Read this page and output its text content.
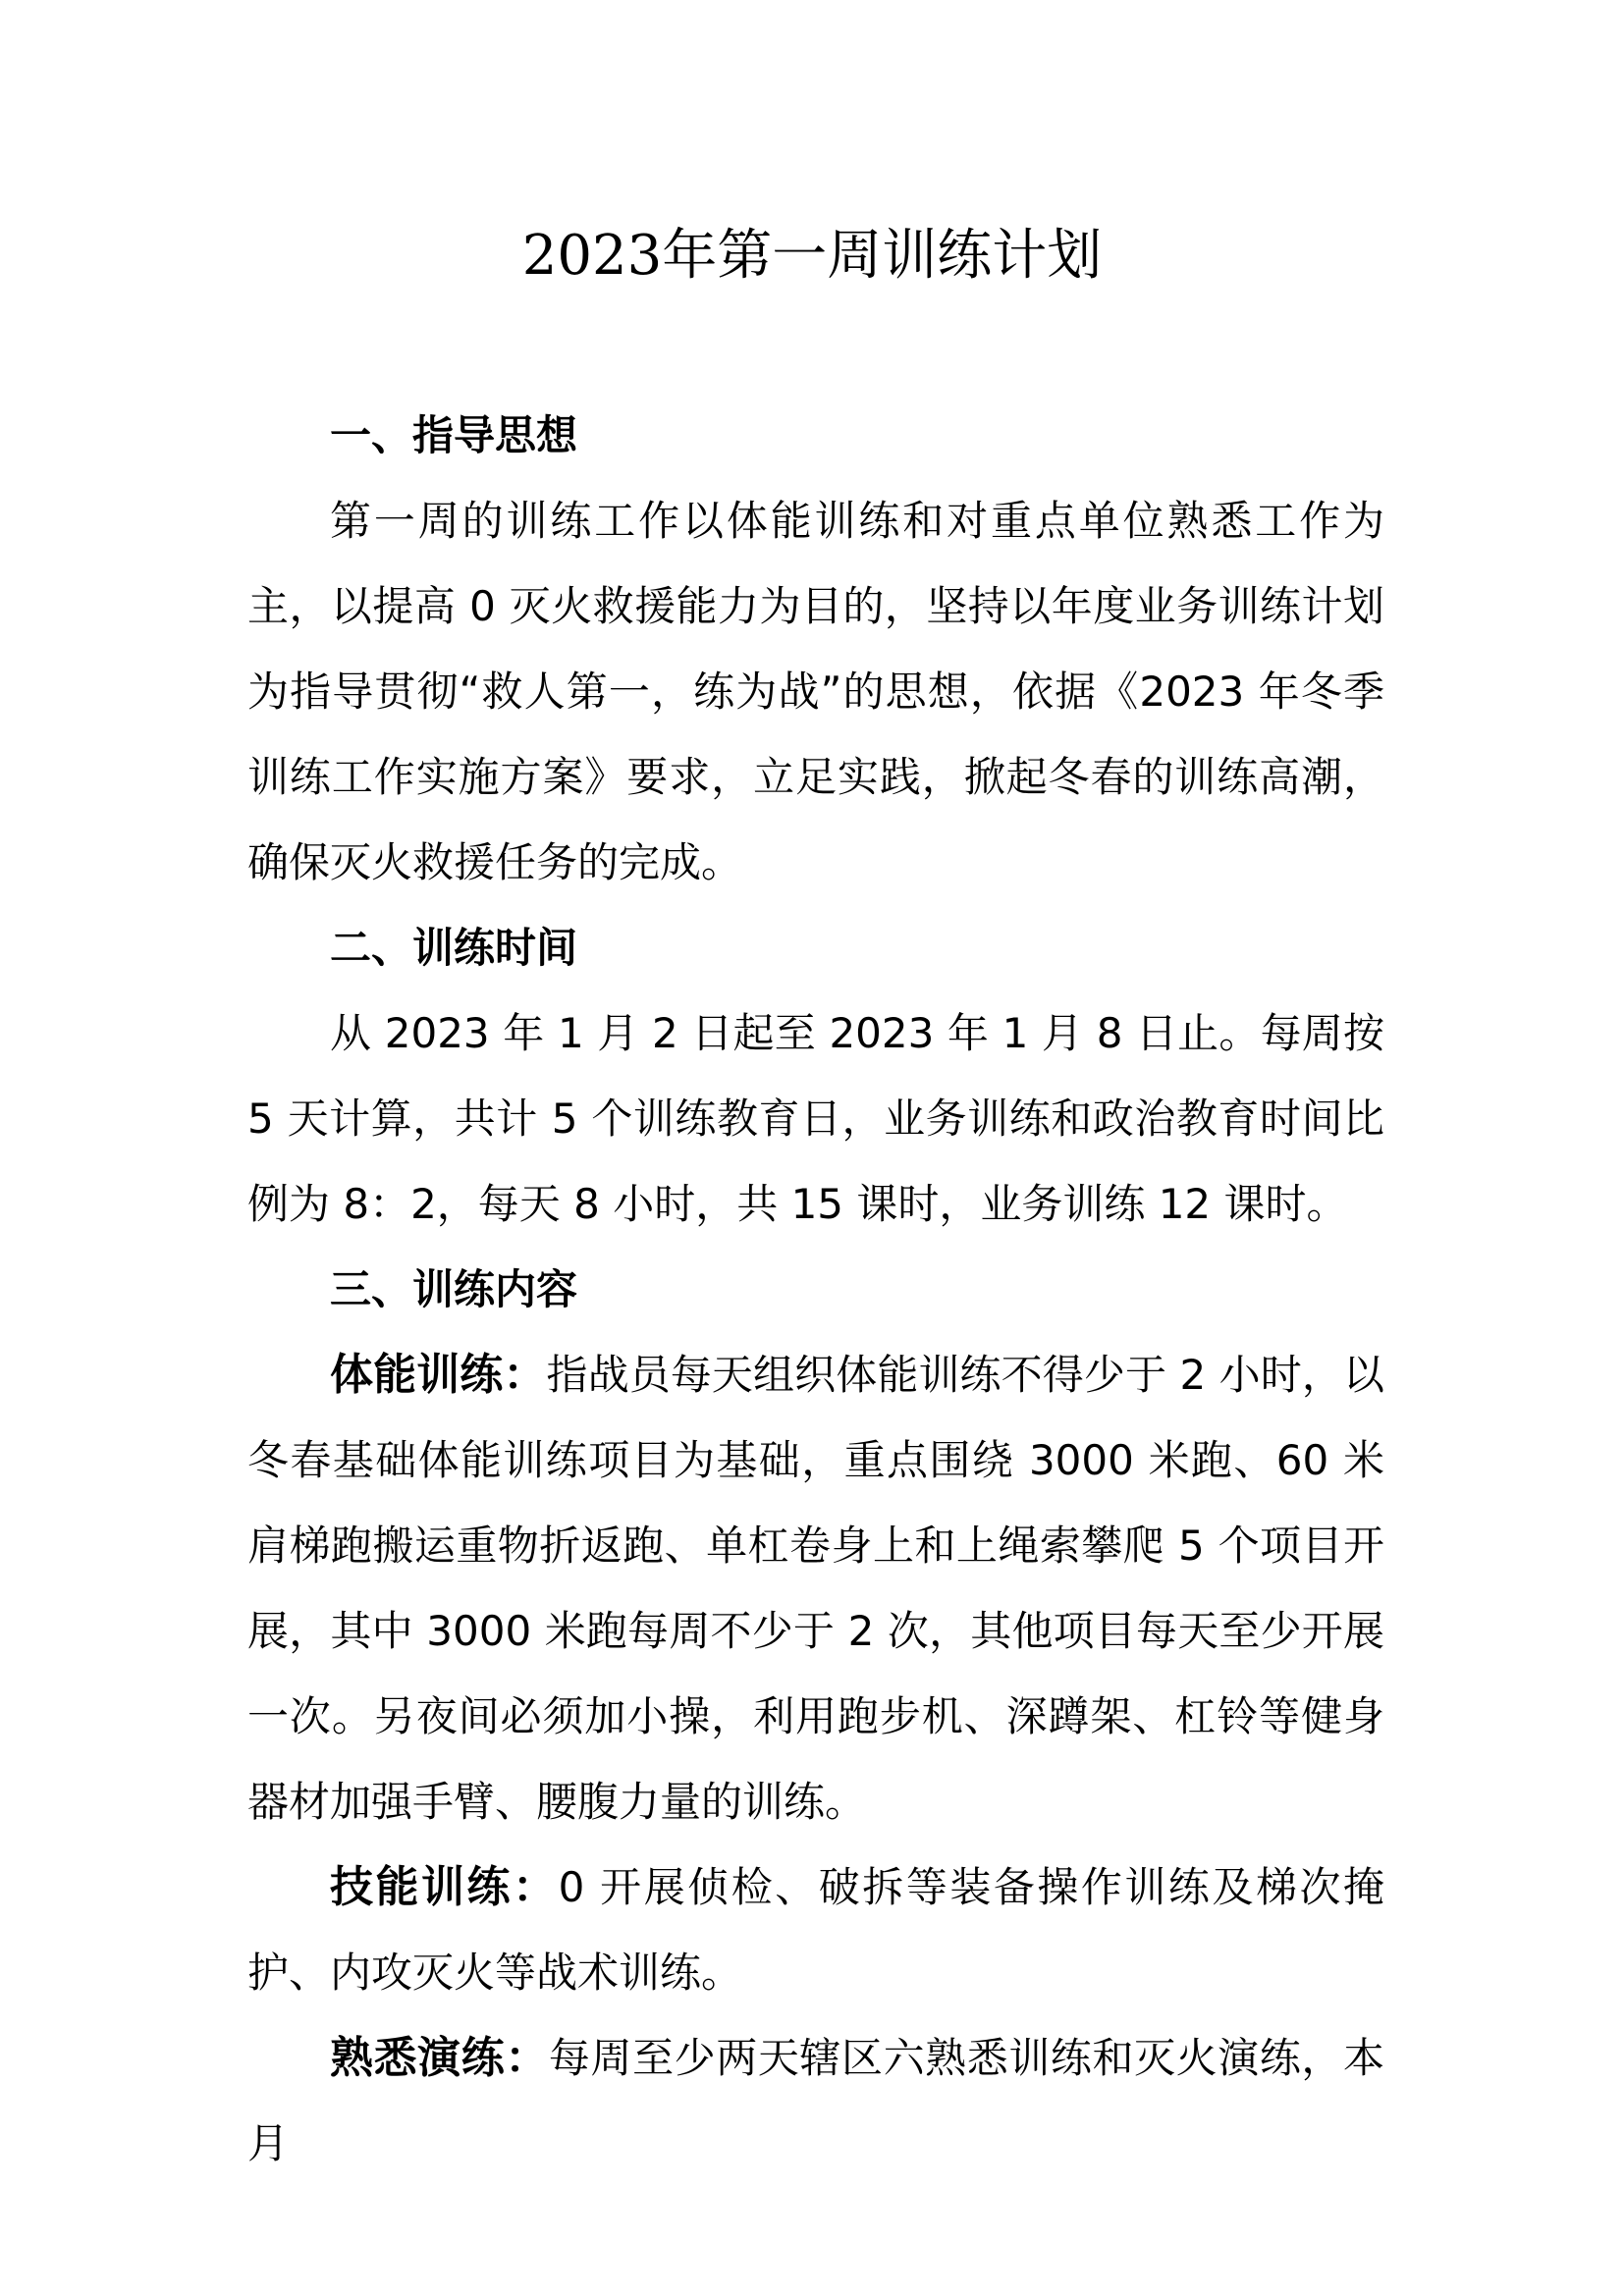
2023年第一周训练计划
一、指导思想

第一周的训练工作以体能训练和对重点单位熟悉工作为主，以提高 0 灭火救援能力为目的，坚持以年度业务训练计划为指导贯彻“救人第一，练为战”的思想，依据《2023 年冬季训练工作实施方案》要求，立足实践，掀起冬春的训练高潮，确保灭火救援任务的完成。

二、训练时间

从 2023 年 1 月 2 日起至 2023 年 1 月 8 日止。每周按 5 天计算，共计 5 个训练教育日，业务训练和政治教育时间比例为 8：2，每天 8 小时，共 15 课时，业务训练 12 课时。

三、训练内容

体能训练：指战员每天组织体能训练不得少于 2 小时，以冬春基础体能训练项目为基础，重点围绕 3000 米跑、60 米肩梯跑搬运重物折返跑、单杠卷身上和上绳索攀爬 5 个项目开展，其中 3000 米跑每周不少于 2 次，其他项目每天至少开展一次。另夜间必须加小操，利用跑步机、深蹲架、杠铃等健身器材加强手臂、腰腹力量的训练。

技能训练：0 开展侦检、破拆等装备操作训练及梯次掩护、内攻灭火等战术训练。

熟悉演练：每周至少两天辖区六熟悉训练和灭火演练，本月
